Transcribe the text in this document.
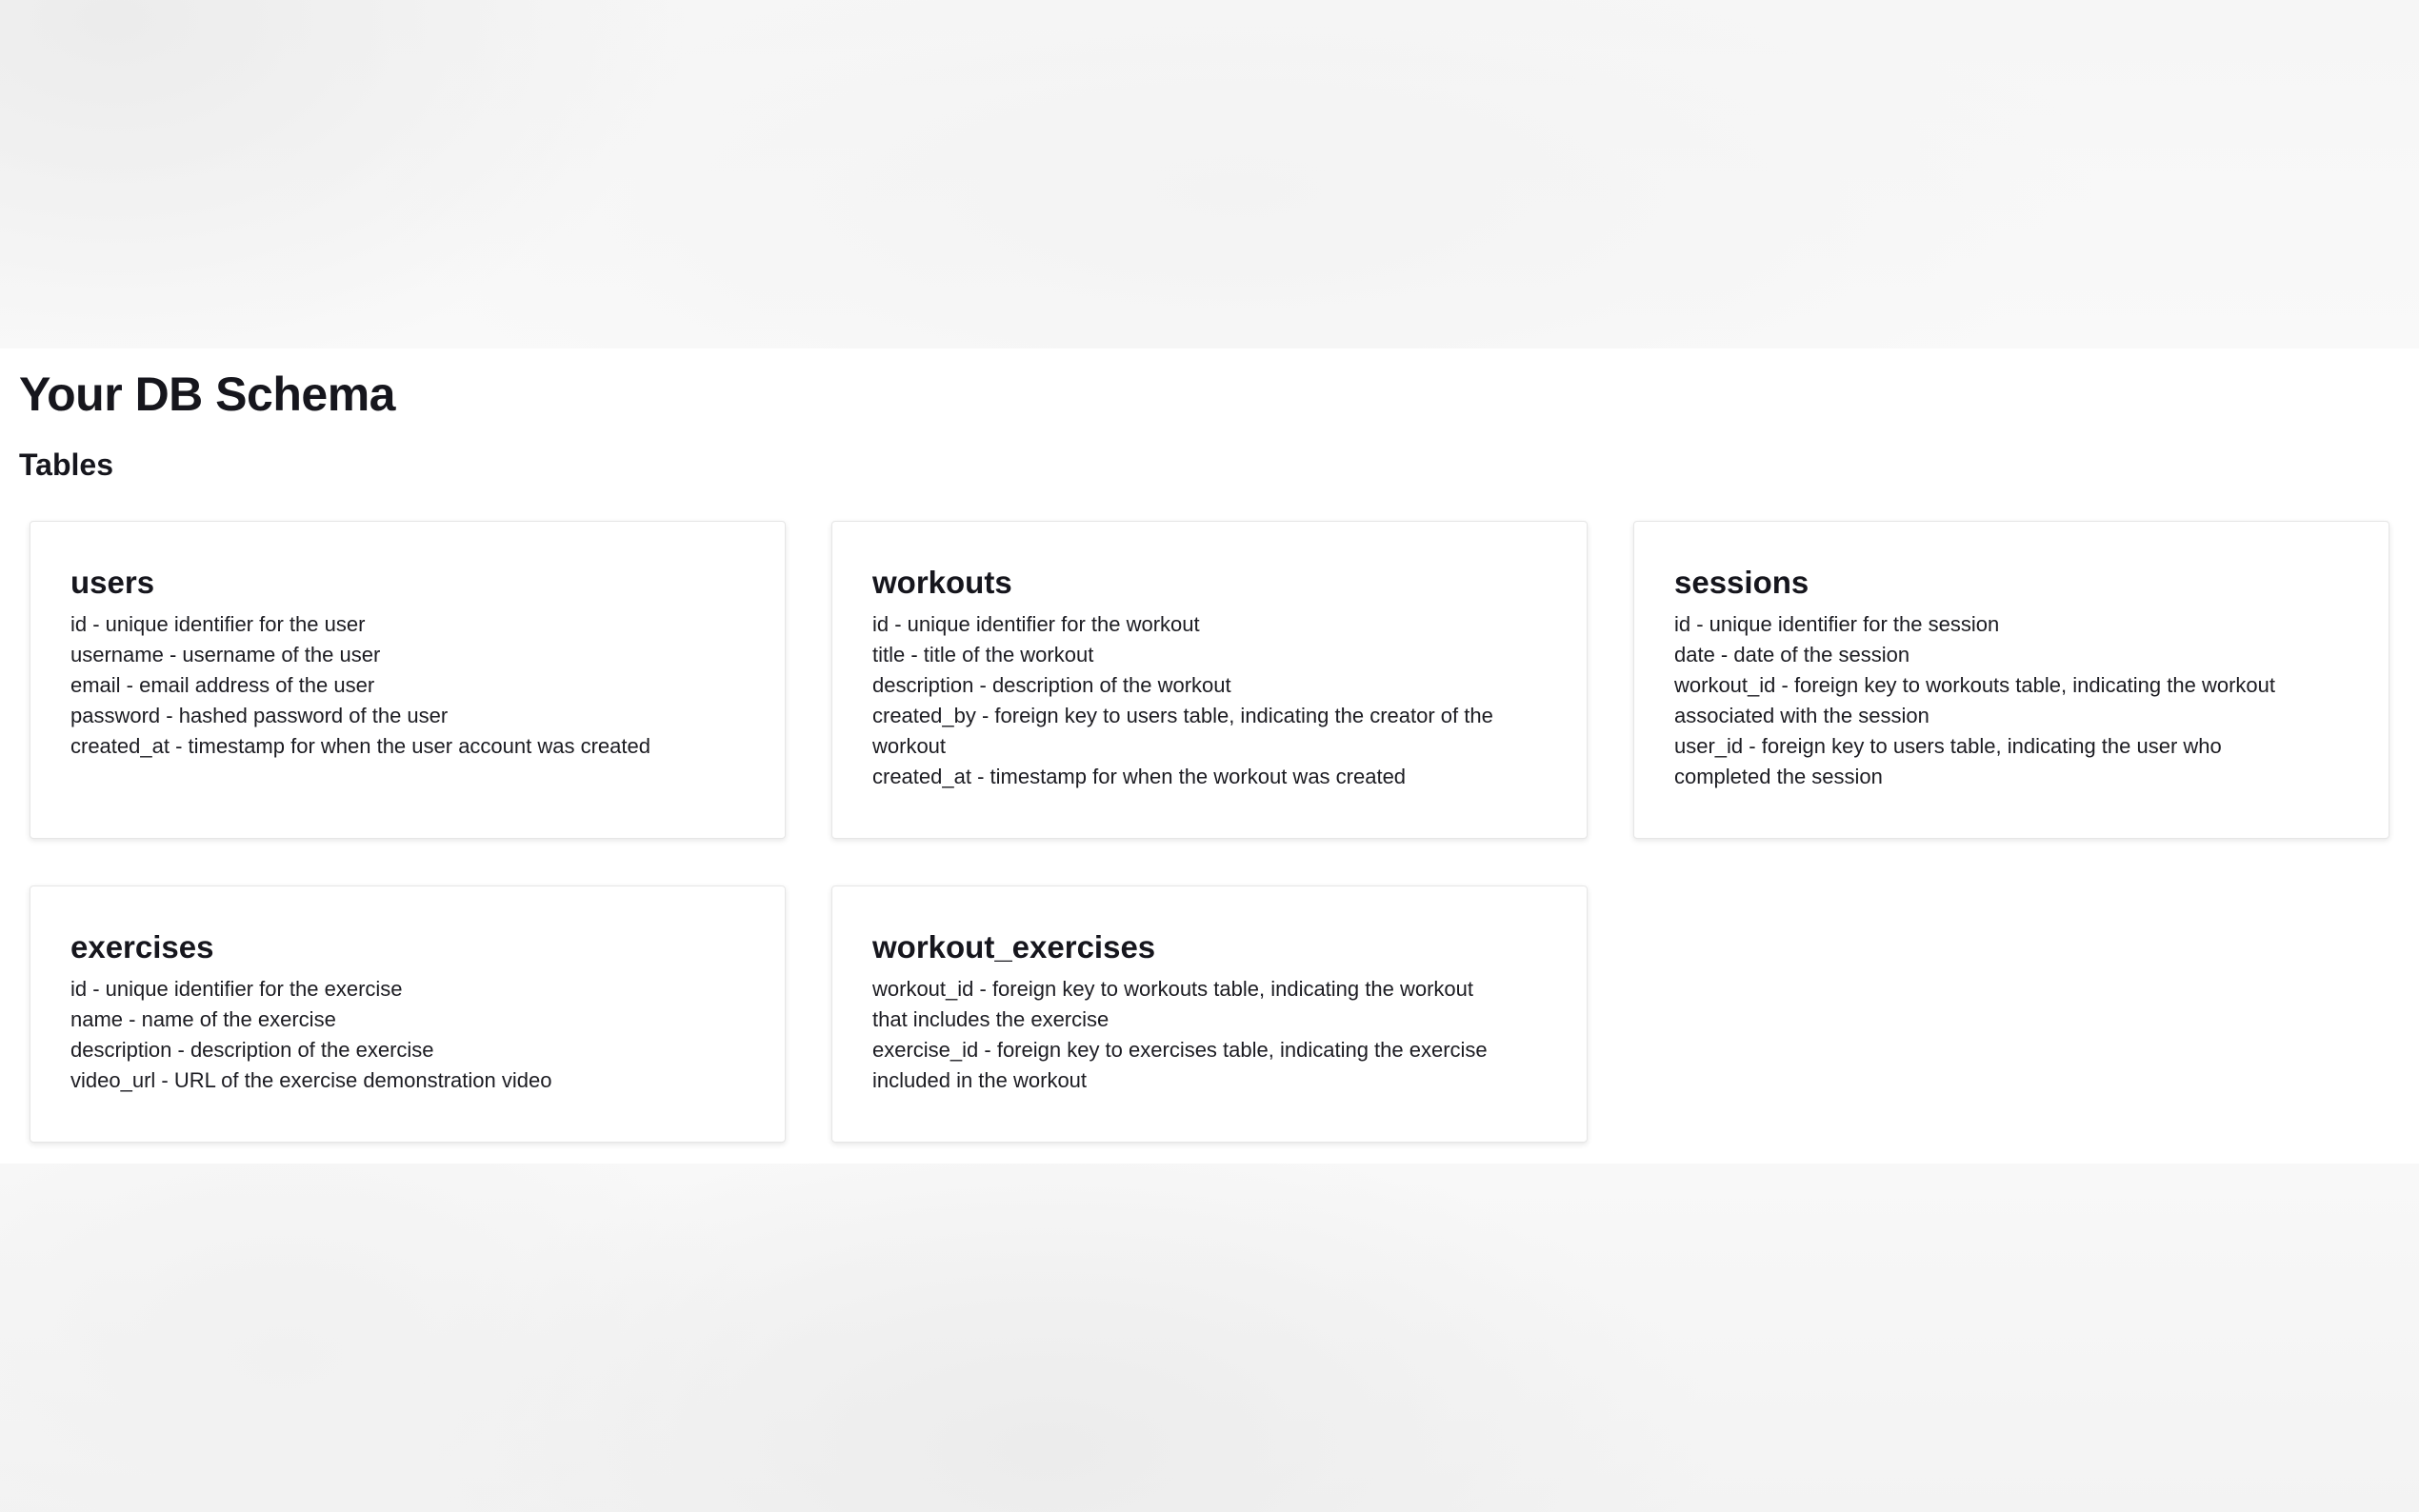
Your DB Schema
Tables
users
id - unique identifier for the user
username - username of the user
email - email address of the user
password - hashed password of the user
created_at - timestamp for when the user account was created
workouts
id - unique identifier for the workout
title - title of the workout
description - description of the workout
created_by - foreign key to users table, indicating the creator of the
workout
created_at - timestamp for when the workout was created
sessions
id - unique identifier for the session
date - date of the session
workout_id - foreign key to workouts table, indicating the workout
associated with the session
user_id - foreign key to users table, indicating the user who
completed the session
exercises
id - unique identifier for the exercise
name - name of the exercise
description - description of the exercise
video_url - URL of the exercise demonstration video
workout_exercises
workout_id - foreign key to workouts table, indicating the workout
that includes the exercise
exercise_id - foreign key to exercises table, indicating the exercise
included in the workout
